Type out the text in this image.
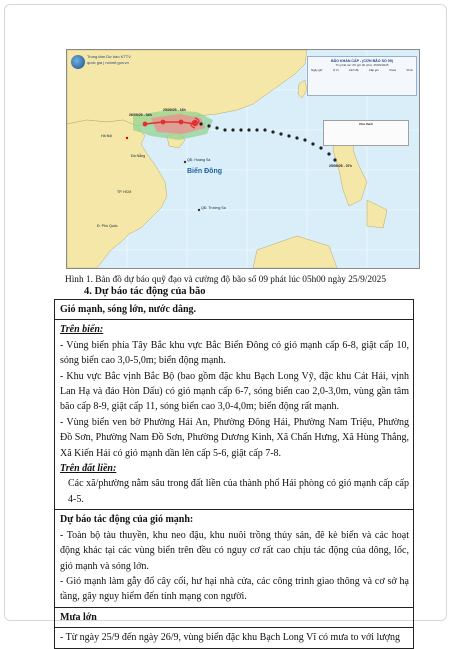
Trung tâm Dự báo KTTV
quốc gia | nchmf.gov.vn	BÃO KHẨN CẤP - (CƠN BÃO SỐ 09)
Tin phát lúc: 05 giờ 00 phút, 25/09/2025
Ngày giờ	Vị trí	Kinh độ	Cấp gió	Vmax	Pmin
Chú thích
Hà Nội
Đà Nẵng
QĐ. Hoàng Sa
QĐ. Trường Sa
TP. HCM
Đ. Phú Quốc
Biển Đông
26/09/25 - 04h
25/09/25 - 16h
25/09/25 - 07h
Hình 1. Bản đồ dự báo quỹ đạo và cường độ bão số 09 phát lúc 05h00 ngày 25/9/2025
4. Dự báo tác động của bão
Gió mạnh, sóng lớn, nước dâng.
Trên biển:
- Vùng biển phía Tây Bắc khu vực Bắc Biển Đông có gió mạnh cấp 6-8, giật cấp 10, sóng biển cao 3,0-5,0m; biển động mạnh.
- Khu vực Bắc vịnh Bắc Bộ (bao gồm đặc khu Bạch Long Vỹ, đặc khu Cát Hải, vịnh Lan Hạ và đảo Hòn Dấu) có gió mạnh cấp 6-7, sóng biển cao 2,0-3,0m, vùng gần tâm bão cấp 8-9, giật cấp 11, sóng biển cao 3,0-4,0m; biển động rất mạnh.
- Vùng biển ven bờ Phường Hải An, Phường Đông Hải, Phường Nam Triệu, Phường Đồ Sơn, Phường Nam Đồ Sơn, Phường Dương Kinh, Xã Chấn Hưng, Xã Hùng Thắng, Xã Kiến Hải có gió mạnh dần lên cấp 5-6, giật cấp 7-8.
Trên đất liền:
Các xã/phường nằm sâu trong đất liền của thành phố Hải phòng có gió mạnh cấp cấp 4-5.
Dự báo tác động của gió mạnh:
- Toàn bộ tàu thuyền, khu neo đậu, khu nuôi trồng thủy sản, đê kè biển và các hoạt động khác tại các vùng biển trên đều có nguy cơ rất cao chịu tác động của dông, lốc, gió mạnh và sóng lớn.
- Gió mạnh làm gẫy đổ cây cối, hư hại nhà cửa, các công trình giao thông và cơ sở hạ tầng, gây nguy hiểm đến tính mạng con người.
Mưa lớn
- Từ ngày 25/9 đến ngày 26/9, vùng biển đặc khu Bạch Long Vĩ có mưa to với lượng
